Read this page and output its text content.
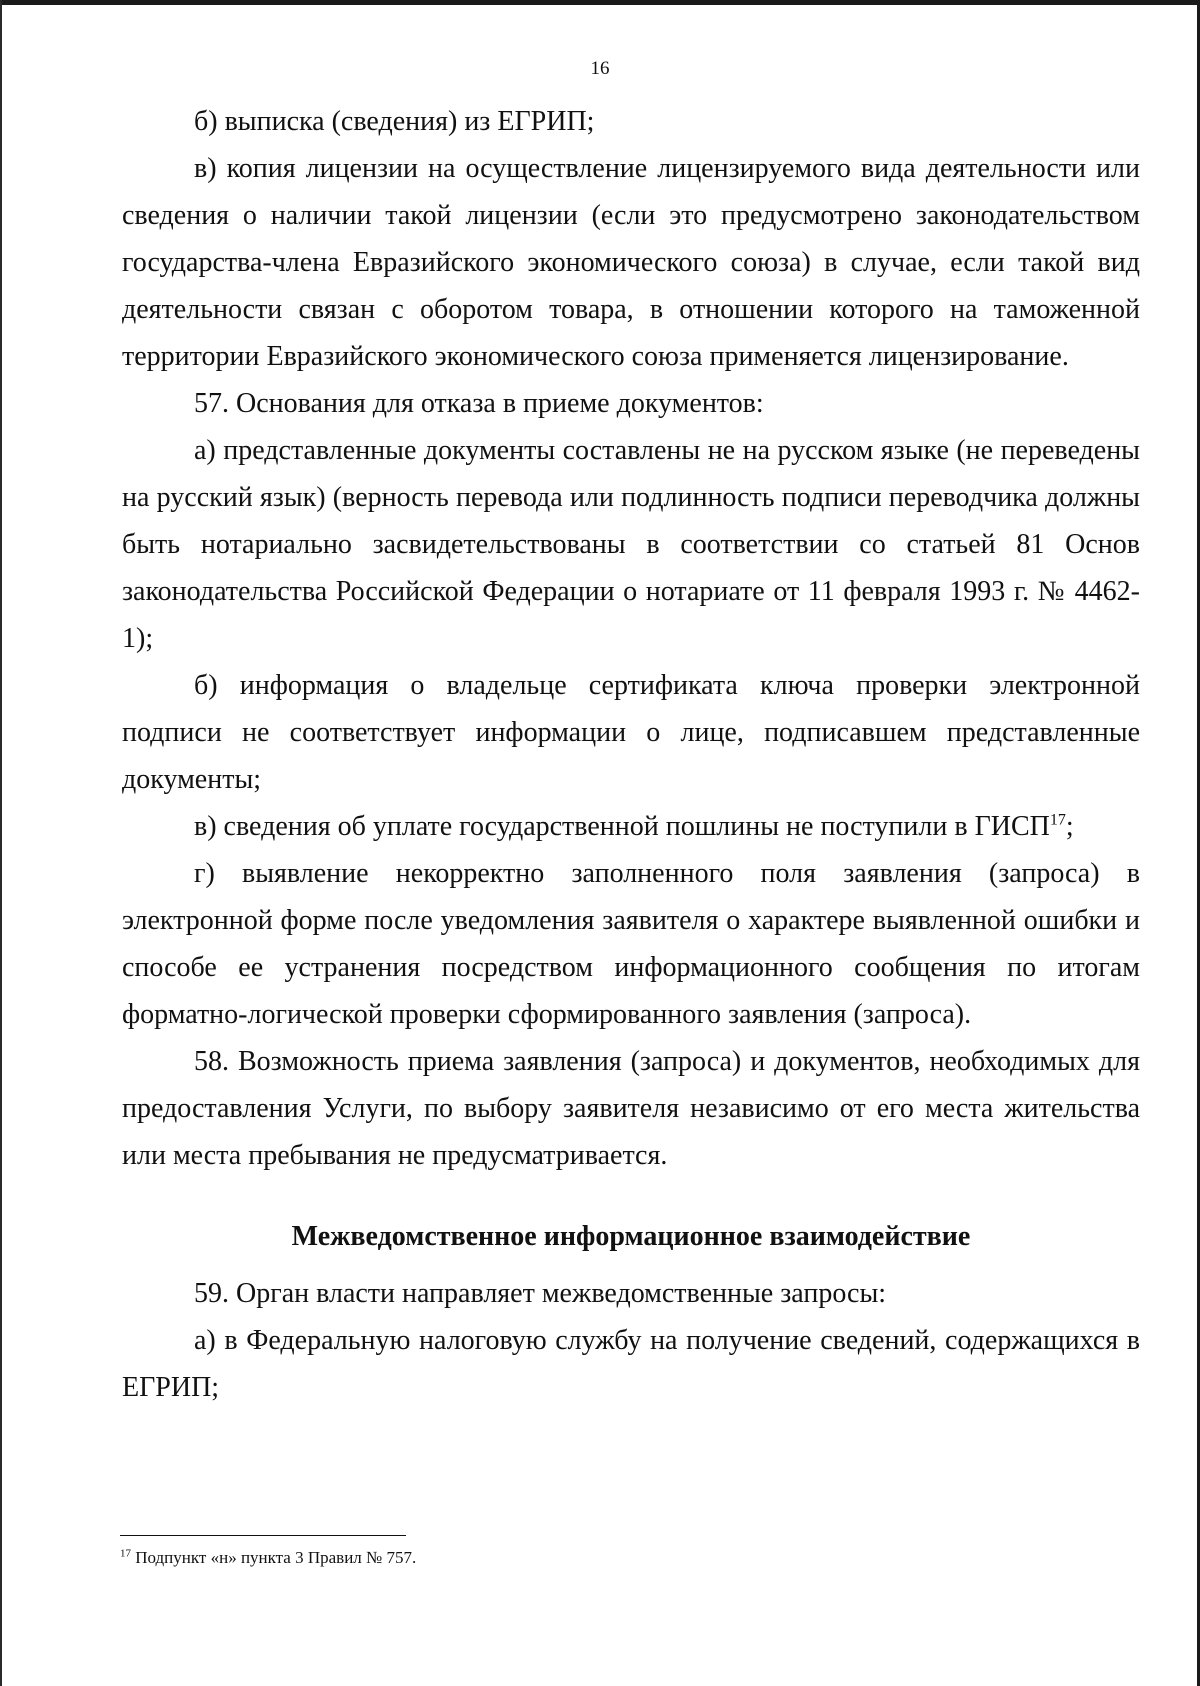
16

б) выписка (сведения) из ЕГРИП;

в) копия лицензии на осуществление лицензируемого вида деятельности или сведения о наличии такой лицензии (если это предусмотрено законодательством государства-члена Евразийского экономического союза) в случае, если такой вид деятельности связан с оборотом товара, в отношении которого на таможенной территории Евразийского экономического союза применяется лицензирование.

57. Основания для отказа в приеме документов:

а) представленные документы составлены не на русском языке (не переведены на русский язык) (верность перевода или подлинность подписи переводчика должны быть нотариально засвидетельствованы в соответствии со статьей 81 Основ законодательства Российской Федерации о нотариате от 11 февраля 1993 г. № 4462-1);

б) информация о владельце сертификата ключа проверки электронной подписи не соответствует информации о лице, подписавшем представленные документы;

в) сведения об уплате государственной пошлины не поступили в ГИСП$^{17}$;

г) выявление некорректно заполненного поля заявления (запроса) в электронной форме после уведомления заявителя о характере выявленной ошибки и способе ее устранения посредством информационного сообщения по итогам форматно-логической проверки сформированного заявления (запроса).

58. Возможность приема заявления (запроса) и документов, необходимых для предоставления Услуги, по выбору заявителя независимо от его места жительства или места пребывания не предусматривается.

Межведомственное информационное взаимодействие

59. Орган власти направляет межведомственные запросы:

а) в Федеральную налоговую службу на получение сведений, содержащихся в ЕГРИП;

$^{17}$ Подпункт «н» пункта 3 Правил № 757.
